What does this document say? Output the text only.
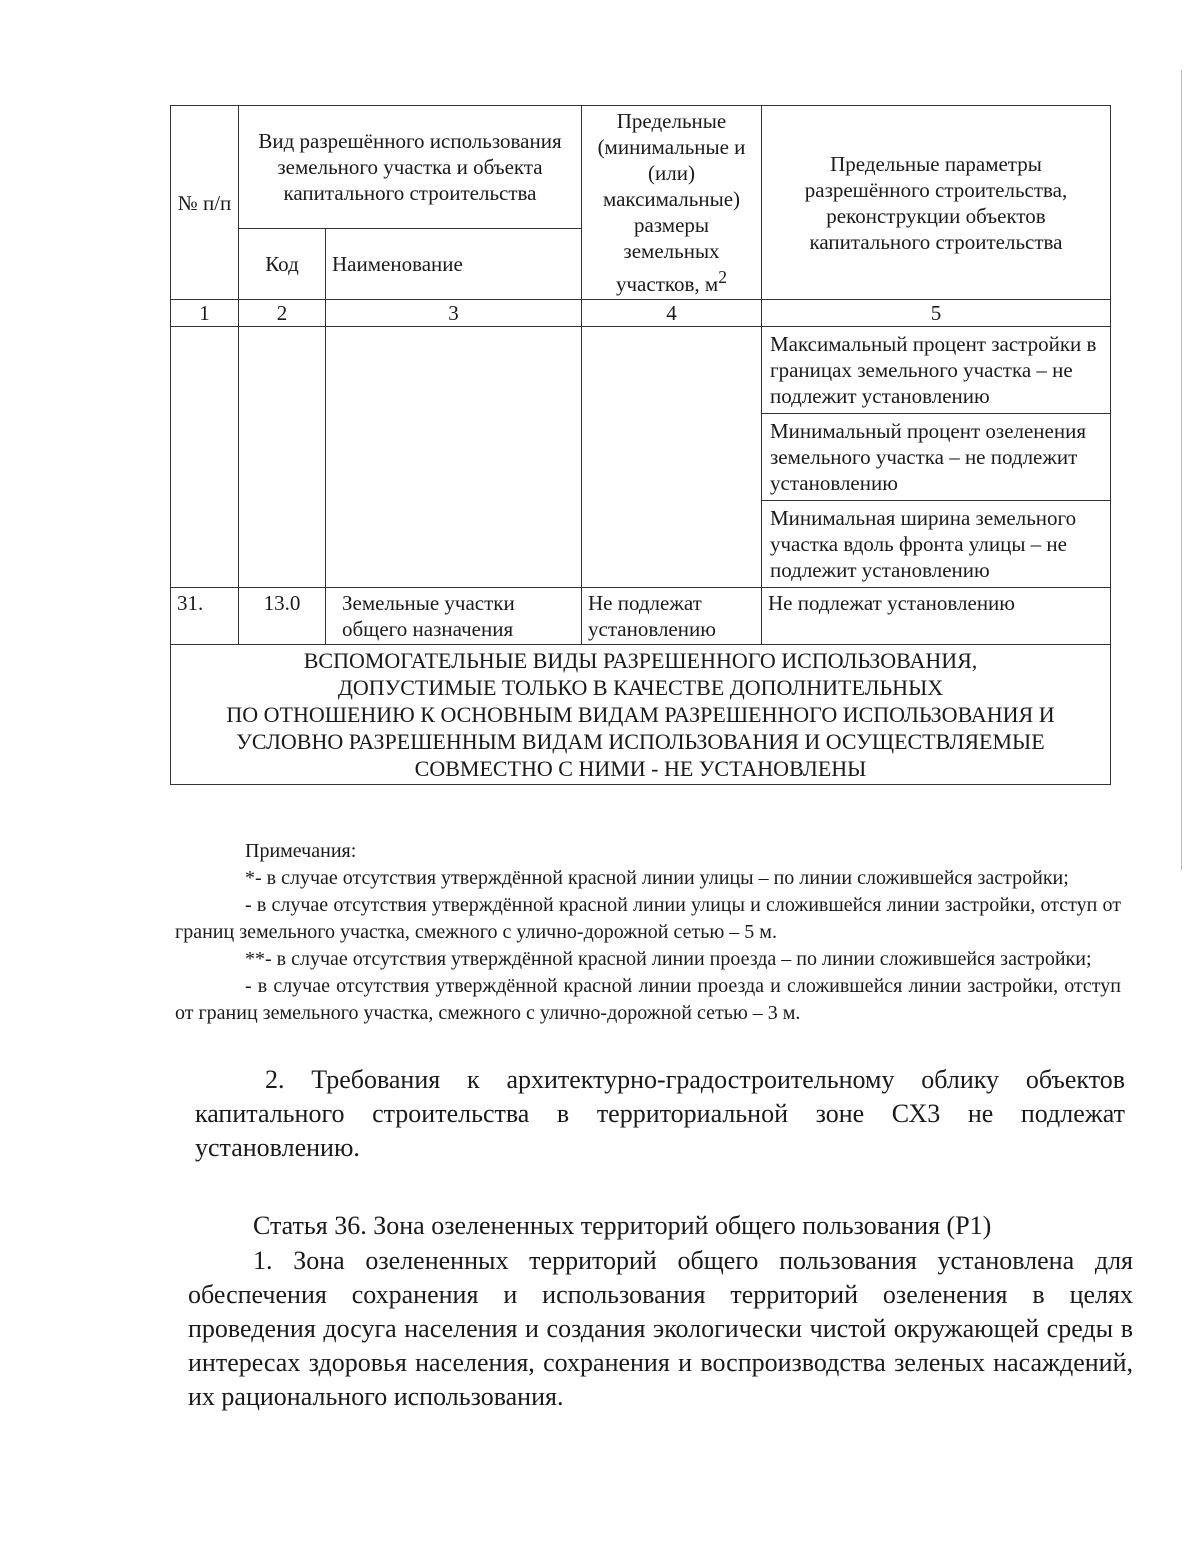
№ п/п	Вид разрешённого использования земельного участка и объекта капитального строительства		Предельные (минимальные и (или) максимальные) размеры земельных участков, $м^2$	Предельные параметры разрешённого строительства, реконструкции объектов капитального строительства
	Код	Наименование		
1	2	3	4	5
				Максимальный процент застройки в границах земельного участка – не подлежит установлению
				Минимальный процент озеленения земельного участка – не подлежит установлению
				Минимальная ширина земельного участка вдоль фронта улицы – не подлежит установлению
31.	13.0	Земельные участки общего назначения	Не подлежат установлению	Не подлежат установлению

ВСПОМОГАТЕЛЬНЫЕ ВИДЫ РАЗРЕШЕННОГО ИСПОЛЬЗОВАНИЯ,
ДОПУСТИМЫЕ ТОЛЬКО В КАЧЕСТВЕ ДОПОЛНИТЕЛЬНЫХ
ПО ОТНОШЕНИЮ К ОСНОВНЫМ ВИДАМ РАЗРЕШЕННОГО ИСПОЛЬЗОВАНИЯ И
УСЛОВНО РАЗРЕШЕННЫМ ВИДАМ ИСПОЛЬЗОВАНИЯ И ОСУЩЕСТВЛЯЕМЫЕ
СОВМЕСТНО С НИМИ - НЕ УСТАНОВЛЕНЫ				

Примечания:

*- в случае отсутствия утверждённой красной линии улицы – по линии сложившейся застройки;

- в случае отсутствия утверждённой красной линии улицы и сложившейся линии застройки, отступ от границ земельного участка, смежного с улично-дорожной сетью – 5 м.

**- в случае отсутствия утверждённой красной линии проезда – по линии сложившейся застройки;

- в случае отсутствия утверждённой красной линии проезда и сложившейся линии застройки, отступ от границ земельного участка, смежного с улично-дорожной сетью – 3 м.

2. Требования к архитектурно-градостроительному облику объектов капитального строительства в территориальной зоне СХ3 не подлежат установлению.

Статья 36. Зона озелененных территорий общего пользования (Р1)

1. Зона озелененных территорий общего пользования установлена для обеспечения сохранения и использования территорий озеленения в целях проведения досуга населения и создания экологически чистой окружающей среды в интересах здоровья населения, сохранения и воспроизводства зеленых насаждений, их рационального использования.
